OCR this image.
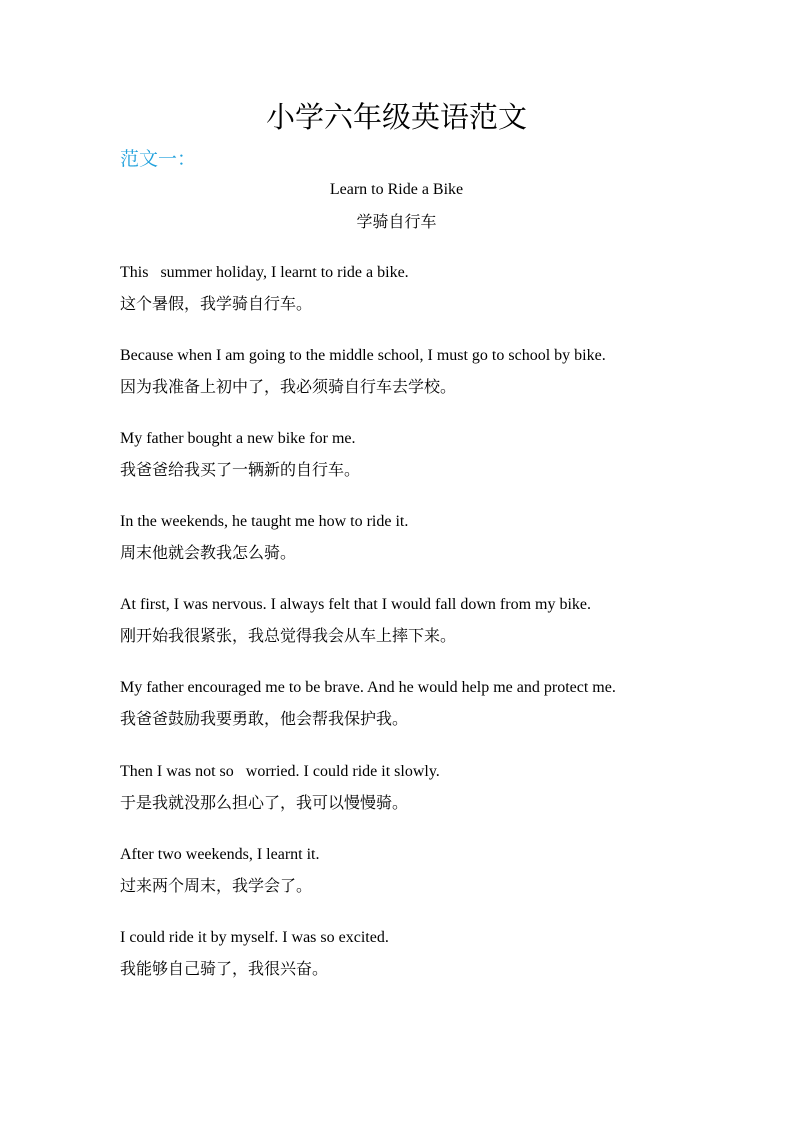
小学六年级英语范文
范文一：
Learn to Ride a Bike
学骑自行车
This   summer holiday, I learnt to ride a bike.
这个暑假，我学骑自行车。
Because when I am going to the middle school, I must go to school by bike.
因为我准备上初中了，我必须骑自行车去学校。
My father bought a new bike for me.
我爸爸给我买了一辆新的自行车。
In the weekends, he taught me how to ride it.
周末他就会教我怎么骑。
At first, I was nervous. I always felt that I would fall down from my bike.
刚开始我很紧张，我总觉得我会从车上摔下来。
My father encouraged me to be brave. And he would help me and protect me.
我爸爸鼓励我要勇敢，他会帮我保护我。
Then I was not so   worried. I could ride it slowly.
于是我就没那么担心了，我可以慢慢骑。
After two weekends, I learnt it.
过来两个周末，我学会了。
I could ride it by myself. I was so excited.
我能够自己骑了，我很兴奋。
